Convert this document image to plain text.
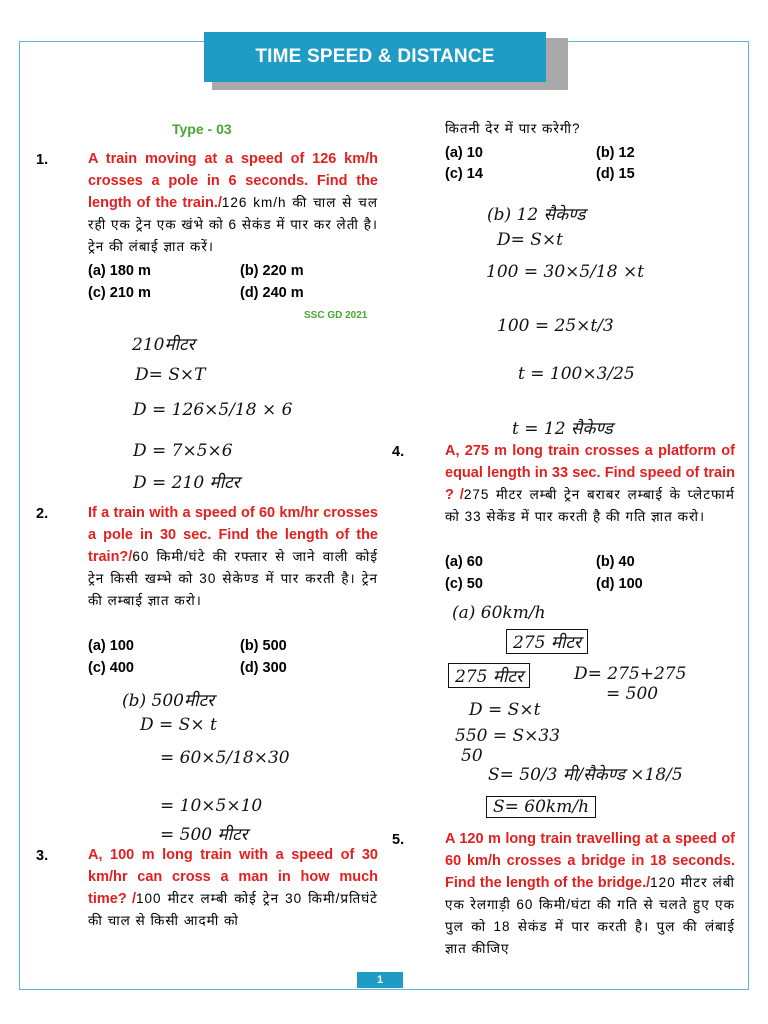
TIME SPEED & DISTANCE
Type - 03
1.	A train moving at a speed of 126 km/h crosses a pole in 6 seconds. Find the length of the train./126 km/h की चाल से चल रही एक ट्रेन एक खंभे को 6 सेकंड में पार कर लेती है। ट्रेन की लंबाई ज्ञात करें।
(a) 180 m	(b) 220 m
(c) 210 m	(d) 240 m
SSC GD 2021
210मीटर
D= S×T
D = 126×5/18 × 6
D = 7×5×6
D = 210 मीटर
2.	If a train with a speed of 60 km/hr crosses a pole in 30 sec. Find the length of the train?/60 किमी/घंटे की रफ्तार से जाने वाली कोई ट्रेन किसी खम्भे को 30 सेकेण्ड में पार करती है। ट्रेन की लम्बाई ज्ञात करो।
(a) 100	(b) 500
(c) 400	(d) 300
(b) 500मीटर
D = S× t
= 60×5/18×30
= 10×5×10
= 500 मीटर
3.	A, 100 m long train with a speed of 30 km/hr can cross a man in how much time? /100 मीटर लम्बी कोई ट्रेन 30 किमी/प्रतिघंटे की चाल से किसी आदमी को
कितनी देर में पार करेगी?
(a) 10	(b) 12
(c) 14	(d) 15
(b) 12 सैकेण्ड
D= S×t
100 = 30×5/18 ×t
100 = 25×t/3
t = 100×3/25
t = 12 सैकेण्ड
4.	A, 275 m long train crosses a platform of equal length in 33 sec. Find speed of train ? /275 मीटर लम्बी ट्रेन बराबर लम्बाई के प्लेटफार्म को 33 सेकेंड में पार करती है की गति ज्ञात करो।
(a) 60	(b) 40
(c) 50	(d) 100
(a) 60km/h
275 मीटर
275 मीटर	D= 275+275
= 500
D = S×t
550 = S×33
50
S= 50/3 मी/सैकेण्ड ×18/5
S= 60km/h
5.	A 120 m long train travelling at a speed of 60 km/h crosses a bridge in 18 seconds. Find the length of the bridge./120 मीटर लंबी एक रेलगाड़ी 60 किमी/घंटा की गति से चलते हुए एक पुल को 18 सेकंड में पार करती है। पुल की लंबाई ज्ञात कीजिए
1
